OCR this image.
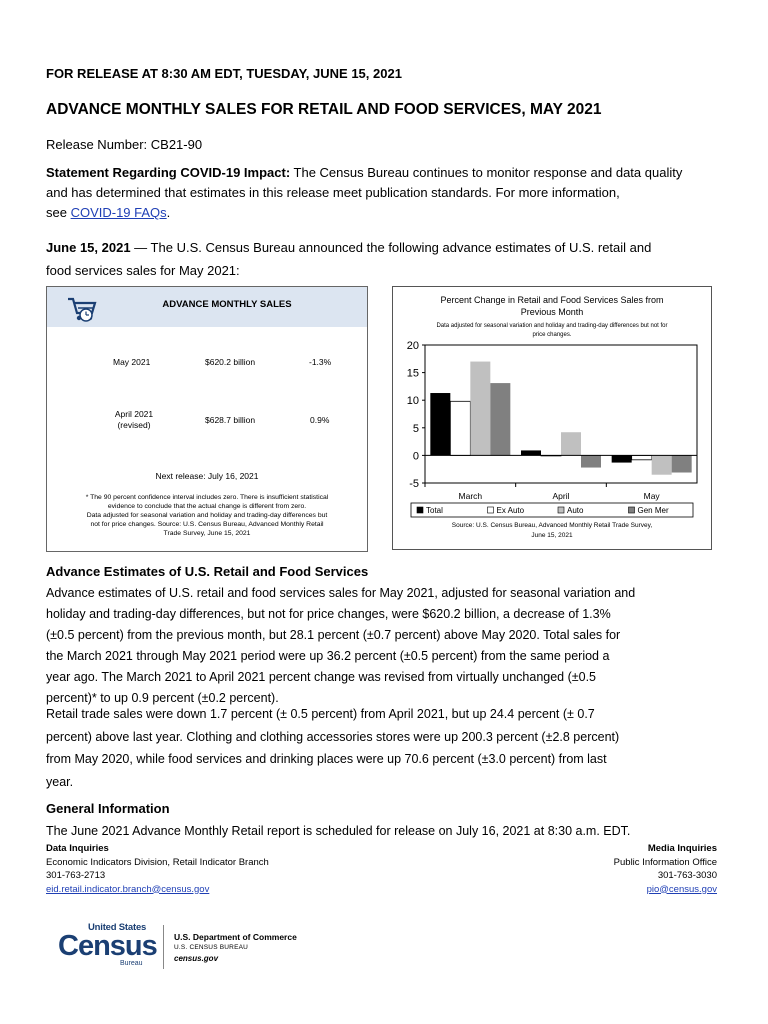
FOR RELEASE AT 8:30 AM EDT, TUESDAY, JUNE 15, 2021
ADVANCE MONTHLY SALES FOR RETAIL AND FOOD SERVICES, MAY 2021
Release Number: CB21-90
Statement Regarding COVID-19 Impact: The Census Bureau continues to monitor response and data quality
and has determined that estimates in this release meet publication standards. For more information,
see COVID-19 FAQs.
June 15, 2021 — The U.S. Census Bureau announced the following advance estimates of U.S. retail and
food services sales for May 2021:
ADVANCE MONTHLY SALES
May 2021	$620.2 billion	-1.3%
April 2021
(revised)	$628.7 billion	0.9%
Next release: July 16, 2021
* The 90 percent confidence interval includes zero. There is insufficient statistical
evidence to conclude that the actual change is different from zero.
Data adjusted for seasonal variation and holiday and trading-day differences but
not for price changes. Source: U.S. Census Bureau, Advanced Monthly Retail
Trade Survey, June 15, 2021
Percent Change in Retail and Food Services Sales from
Previous Month
Data adjusted for seasonal variation and holiday and trading-day differences but not for
price changes.
20
15
10
5
0
-5
March	April	May
Total	Ex Auto	Auto	Gen Mer
Source: U.S. Census Bureau, Advanced Monthly Retail Trade Survey,
June 15, 2021
Advance Estimates of U.S. Retail and Food Services
Advance estimates of U.S. retail and food services sales for May 2021, adjusted for seasonal variation and
holiday and trading-day differences, but not for price changes, were $620.2 billion, a decrease of 1.3%
(±0.5 percent) from the previous month, but 28.1 percent (±0.7 percent) above May 2020. Total sales for
the March 2021 through May 2021 period were up 36.2 percent (±0.5 percent) from the same period a
year ago. The March 2021 to April 2021 percent change was revised from virtually unchanged (±0.5
percent)* to up 0.9 percent (±0.2 percent).
Retail trade sales were down 1.7 percent (± 0.5 percent) from April 2021, but up 24.4 percent (± 0.7
percent) above last year. Clothing and clothing accessories stores were up 200.3 percent (±2.8 percent)
from May 2020, while food services and drinking places were up 70.6 percent (±3.0 percent) from last
year.
General Information
The June 2021 Advance Monthly Retail report is scheduled for release on July 16, 2021 at 8:30 a.m. EDT.
Data Inquiries
Economic Indicators Division, Retail Indicator Branch
301-763-2713
eid.retail.indicator.branch@census.gov
Media Inquiries
Public Information Office
301-763-3030
pio@census.gov
United States
Census
Bureau
U.S. Department of Commerce
U.S. CENSUS BUREAU
census.gov
